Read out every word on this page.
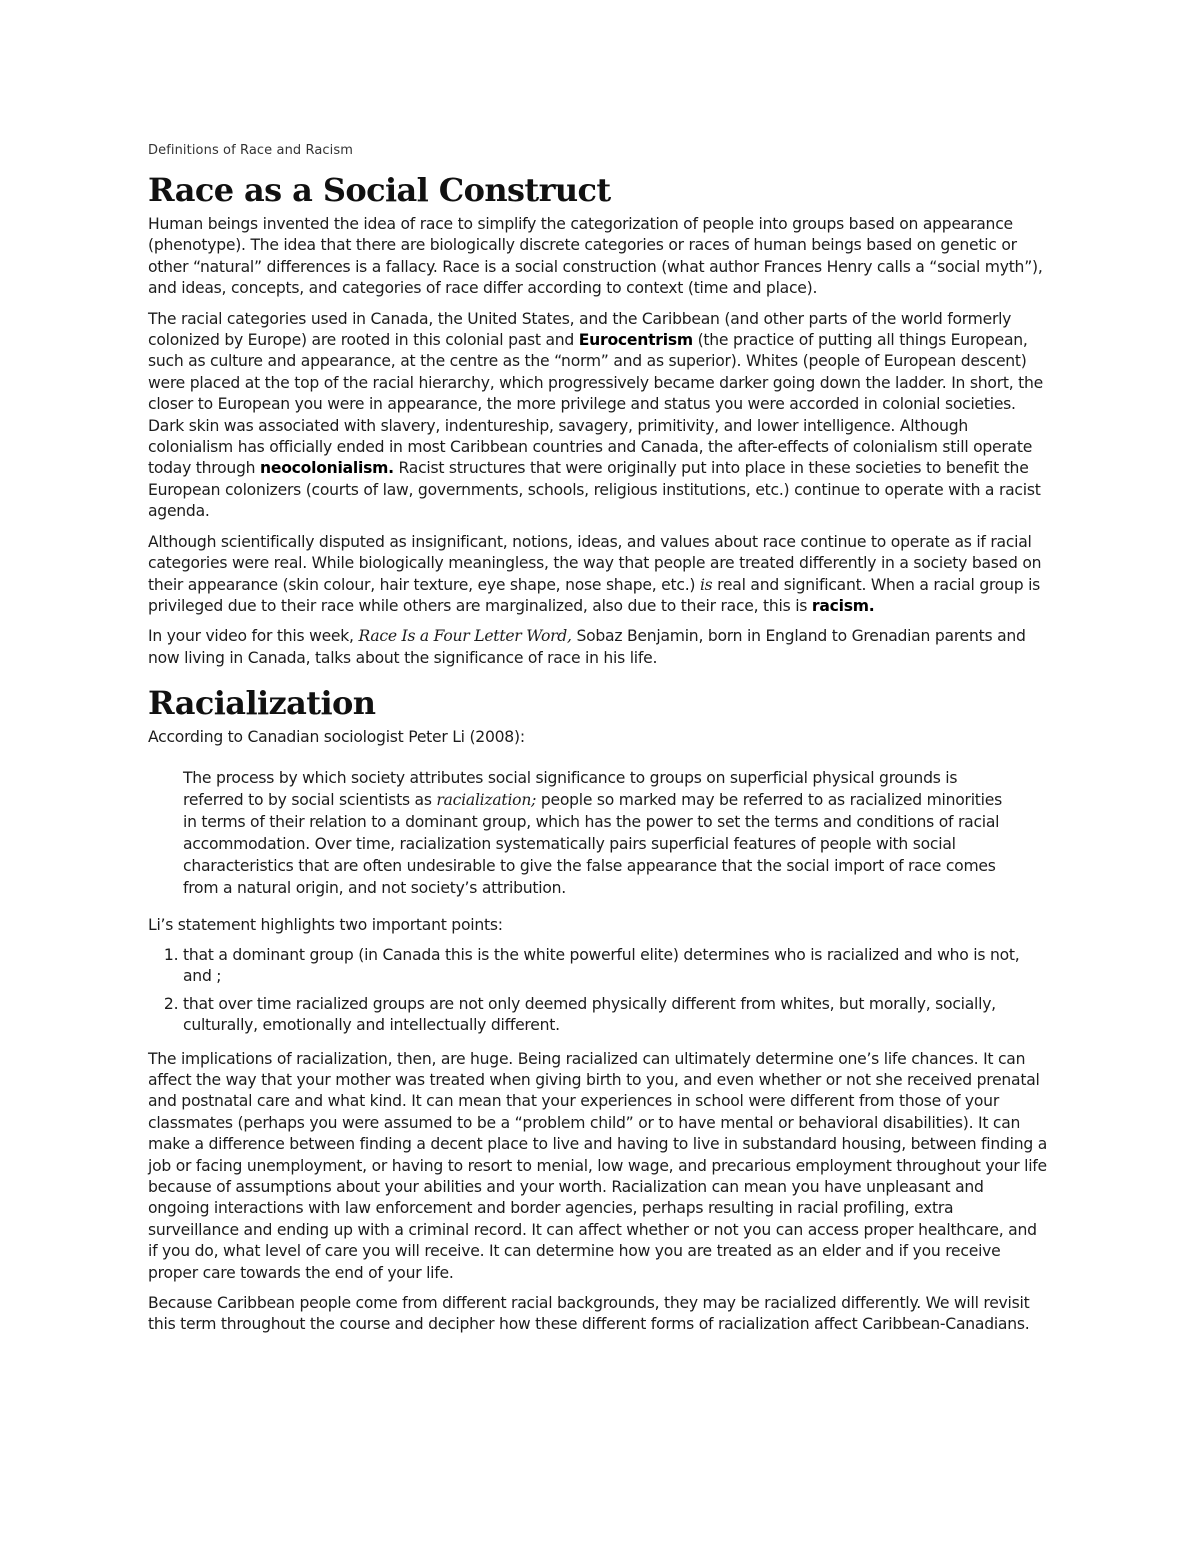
Definitions of Race and Racism
Race as a Social Construct

Human beings invented the idea of race to simplify the categorization of people into groups based on appearance (phenotype). The idea that there are biologically discrete categories or races of human beings based on genetic or other “natural” differences is a fallacy. Race is a social construction (what author Frances Henry calls a “social myth”), and ideas, concepts, and categories of race differ according to context (time and place).

The racial categories used in Canada, the United States, and the Caribbean (and other parts of the world formerly colonized by Europe) are rooted in this colonial past and Eurocentrism (the practice of putting all things European, such as culture and appearance, at the centre as the “norm” and as superior). Whites (people of European descent) were placed at the top of the racial hierarchy, which progressively became darker going down the ladder. In short, the closer to European you were in appearance, the more privilege and status you were accorded in colonial societies. Dark skin was associated with slavery, indentureship, savagery, primitivity, and lower intelligence. Although colonialism has officially ended in most Caribbean countries and Canada, the after-effects of colonialism still operate today through neocolonialism. Racist structures that were originally put into place in these societies to benefit the European colonizers (courts of law, governments, schools, religious institutions, etc.) continue to operate with a racist agenda.

Although scientifically disputed as insignificant, notions, ideas, and values about race continue to operate as if racial categories were real. While biologically meaningless, the way that people are treated differently in a society based on their appearance (skin colour, hair texture, eye shape, nose shape, etc.) is real and significant. When a racial group is privileged due to their race while others are marginalized, also due to their race, this is racism.

In your video for this week, Race Is a Four Letter Word, Sobaz Benjamin, born in England to Grenadian parents and now living in Canada, talks about the significance of race in his life.

Racialization

According to Canadian sociologist Peter Li (2008):

The process by which society attributes social significance to groups on superficial physical grounds is referred to by social scientists as racialization; people so marked may be referred to as racialized minorities in terms of their relation to a dominant group, which has the power to set the terms and conditions of racial accommodation. Over time, racialization systematically pairs superficial features of people with social characteristics that are often undesirable to give the false appearance that the social import of race comes from a natural origin, and not society’s attribution.

Li’s statement highlights two important points:

1. that a dominant group (in Canada this is the white powerful elite) determines who is racialized and who is not, and ;
2. that over time racialized groups are not only deemed physically different from whites, but morally, socially, culturally, emotionally and intellectually different.

The implications of racialization, then, are huge. Being racialized can ultimately determine one’s life chances. It can affect the way that your mother was treated when giving birth to you, and even whether or not she received prenatal and postnatal care and what kind. It can mean that your experiences in school were different from those of your classmates (perhaps you were assumed to be a “problem child” or to have mental or behavioral disabilities). It can make a difference between finding a decent place to live and having to live in substandard housing, between finding a job or facing unemployment, or having to resort to menial, low wage, and precarious employment throughout your life because of assumptions about your abilities and your worth. Racialization can mean you have unpleasant and ongoing interactions with law enforcement and border agencies, perhaps resulting in racial profiling, extra surveillance and ending up with a criminal record. It can affect whether or not you can access proper healthcare, and if you do, what level of care you will receive. It can determine how you are treated as an elder and if you receive proper care towards the end of your life.

Because Caribbean people come from different racial backgrounds, they may be racialized differently. We will revisit this term throughout the course and decipher how these different forms of racialization affect Caribbean-Canadians.
